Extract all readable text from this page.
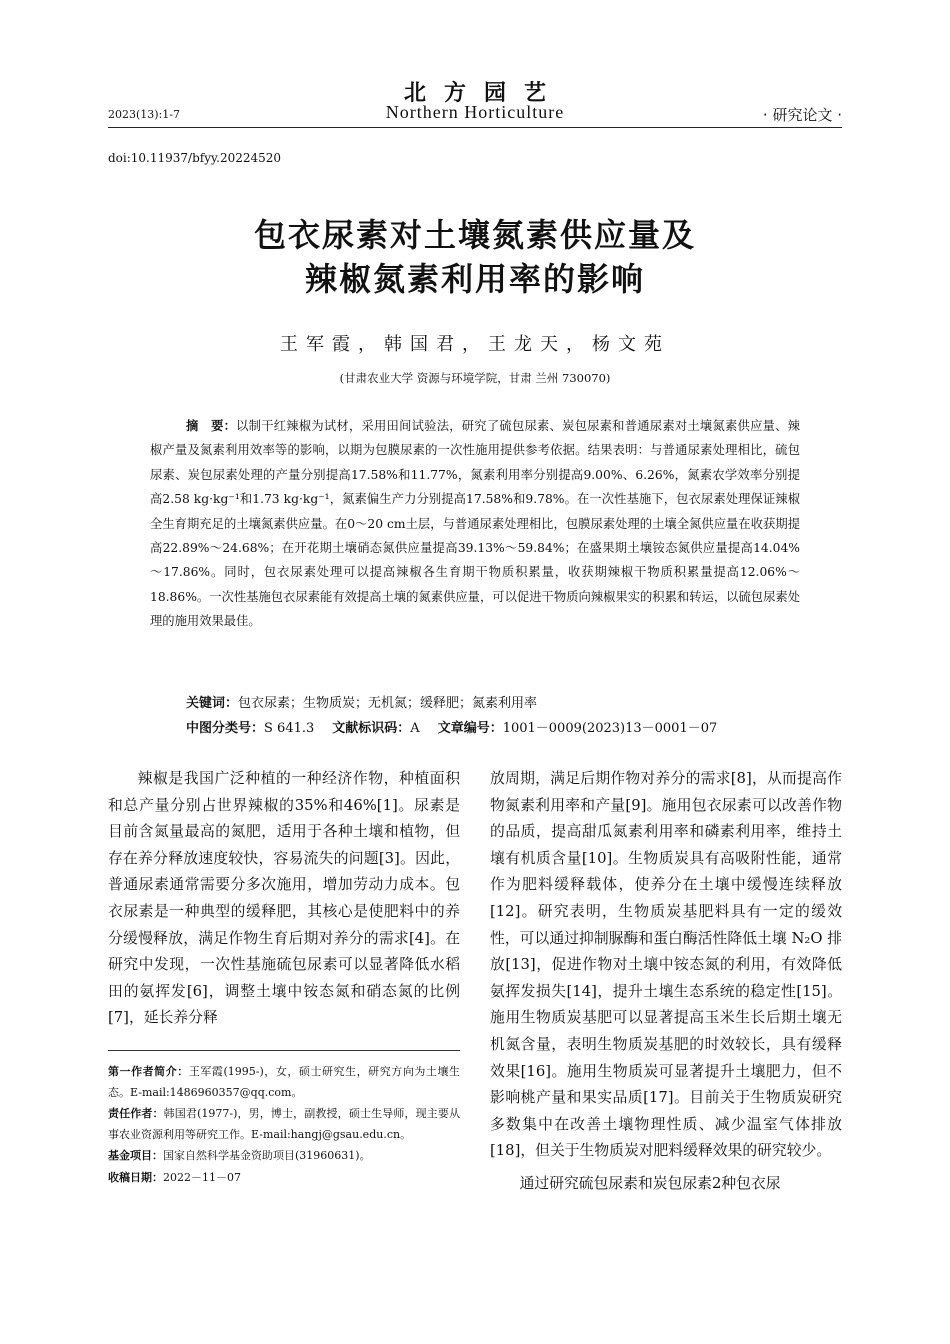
北方园艺
Northern Horticulture
2023(13):1-7	· 研究论文 ·
doi:10.11937/bfyy.20224520
包衣尿素对土壤氮素供应量及
辣椒氮素利用率的影响
王军霞，韩国君，王龙天，杨文苑
(甘肃农业大学 资源与环境学院，甘肃 兰州 730070)
摘　要：以制干红辣椒为试材，采用田间试验法，研究了硫包尿素、炭包尿素和普通尿素对土壤氮素供应量、辣椒产量及氮素利用效率等的影响，以期为包膜尿素的一次性施用提供参考依据。结果表明：与普通尿素处理相比，硫包尿素、炭包尿素处理的产量分别提高17.58%和11.77%，氮素利用率分别提高9.00%、6.26%，氮素农学效率分别提高2.58 kg·kg⁻¹和1.73 kg·kg⁻¹，氮素偏生产力分别提高17.58%和9.78%。在一次性基施下，包衣尿素处理保证辣椒全生育期充足的土壤氮素供应量。在0～20 cm土层，与普通尿素处理相比，包膜尿素处理的土壤全氮供应量在收获期提高22.89%～24.68%；在开花期土壤硝态氮供应量提高39.13%～59.84%；在盛果期土壤铵态氮供应量提高14.04%～17.86%。同时，包衣尿素处理可以提高辣椒各生育期干物质积累量，收获期辣椒干物质积累量提高12.06%～18.86%。一次性基施包衣尿素能有效提高土壤的氮素供应量，可以促进干物质向辣椒果实的积累和转运，以硫包尿素处理的施用效果最佳。
关键词：包衣尿素；生物质炭；无机氮；缓释肥；氮素利用率
中图分类号：S 641.3 文献标识码：A 文章编号：1001－0009(2023)13－0001－07

辣椒是我国广泛种植的一种经济作物，种植面积和总产量分别占世界辣椒的35%和46%[1]。尿素是目前含氮量最高的氮肥，适用于各种土壤和植物，但存在养分释放速度较快，容易流失的问题[3]。因此，普通尿素通常需要分多次施用，增加劳动力成本。包衣尿素是一种典型的缓释肥，其核心是使肥料中的养分缓慢释放，满足作物生育后期对养分的需求[4]。在研究中发现，一次性基施硫包尿素可以显著降低水稻田的氨挥发[6]，调整土壤中铵态氮和硝态氮的比例[7]，延长养分释

放周期，满足后期作物对养分的需求[8]，从而提高作物氮素利用率和产量[9]。施用包衣尿素可以改善作物的品质，提高甜瓜氮素利用率和磷素利用率，维持土壤有机质含量[10]。生物质炭具有高吸附性能，通常作为肥料缓释载体，使养分在土壤中缓慢连续释放[12]。研究表明，生物质炭基肥料具有一定的缓效性，可以通过抑制脲酶和蛋白酶活性降低土壤 N₂O 排放[13]，促进作物对土壤中铵态氮的利用，有效降低氨挥发损失[14]，提升土壤生态系统的稳定性[15]。施用生物质炭基肥可以显著提高玉米生长后期土壤无机氮含量，表明生物质炭基肥的时效较长，具有缓释效果[16]。施用生物质炭可显著提升土壤肥力，但不影响桃产量和果实品质[17]。目前关于生物质炭研究多数集中在改善土壤物理性质、减少温室气体排放[18]，但关于生物质炭对肥料缓释效果的研究较少。

通过研究硫包尿素和炭包尿素2种包衣尿

第一作者简介：王军霞(1995-)，女，硕士研究生，研究方向为土壤生态。E-mail:1486960357@qq.com。

责任作者：韩国君(1977-)，男，博士，副教授，硕士生导师，现主要从事农业资源利用等研究工作。E-mail:hangj@gsau.edu.cn。

基金项目：国家自然科学基金资助项目(31960631)。

收稿日期：2022－11－07
